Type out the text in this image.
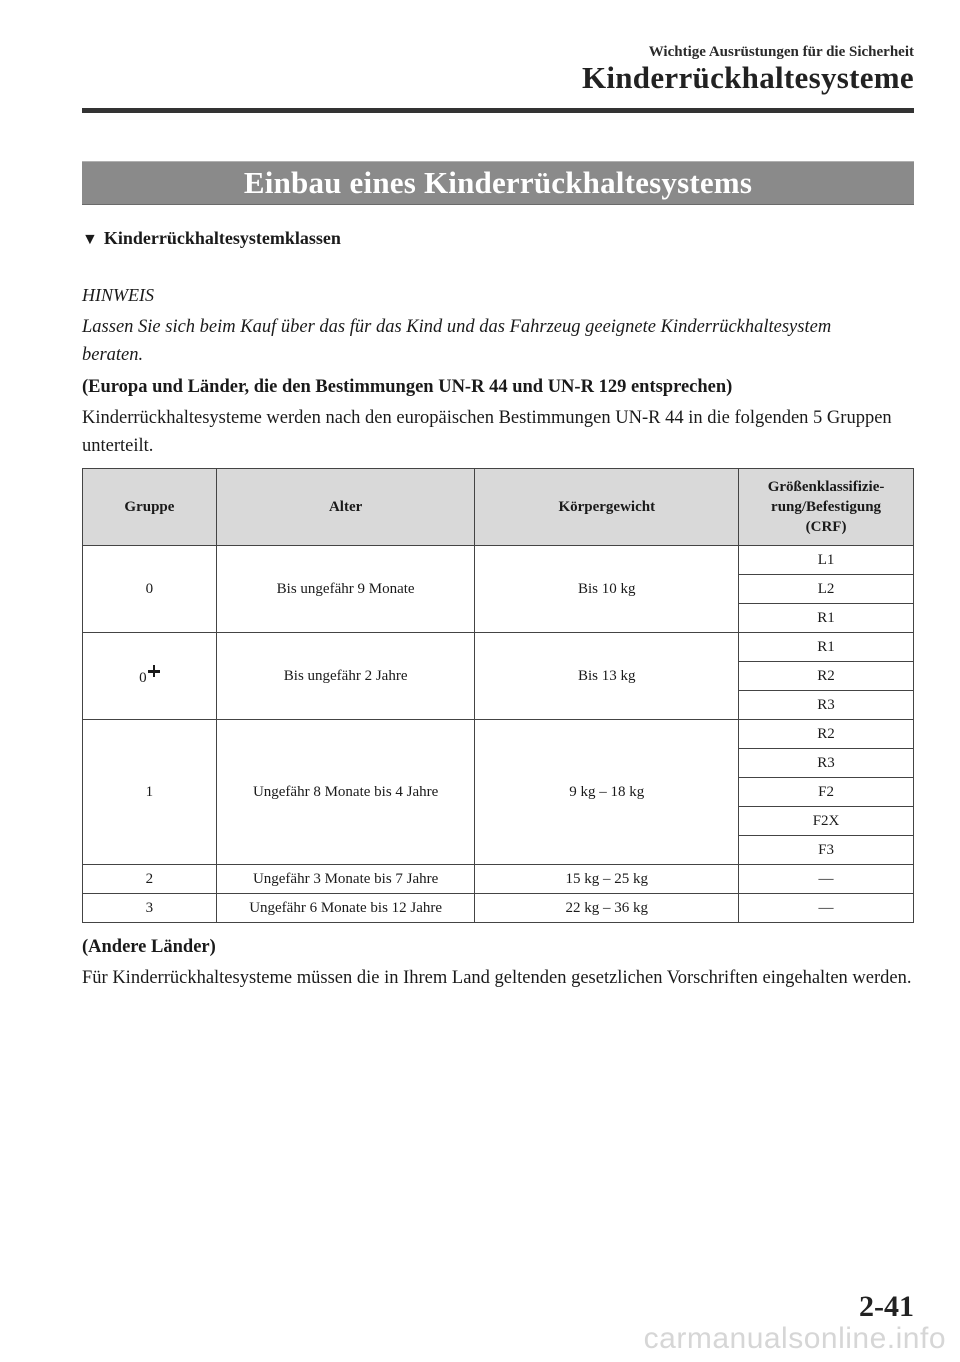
Wichtige Ausrüstungen für die Sicherheit
Kinderrückhaltesysteme
Einbau eines Kinderrückhaltesystems
▼ Kinderrückhaltesystemklassen
HINWEIS
Lassen Sie sich beim Kauf über das für das Kind und das Fahrzeug geeignete Kinderrückhaltesystem beraten.
(Europa und Länder, die den Bestimmungen UN-R 44 und UN-R 129 entsprechen)
Kinderrückhaltesysteme werden nach den europäischen Bestimmungen UN-R 44 in die folgenden 5 Gruppen unterteilt.
Gruppe	Alter	Körpergewicht	Größenklassifizie-
rung/Befestigung
(CRF)
0	Bis ungefähr 9 Monate	Bis 10 kg	L1
			L2
			R1
0	Bis ungefähr 2 Jahre	Bis 13 kg	R1
			R2
			R3
1	Ungefähr 8 Monate bis 4 Jahre	9 kg – 18 kg	R2
			R3
			F2
			F2X
			F3
2	Ungefähr 3 Monate bis 7 Jahre	15 kg – 25 kg	―
3	Ungefähr 6 Monate bis 12 Jahre	22 kg – 36 kg	―
(Andere Länder)
Für Kinderrückhaltesysteme müssen die in Ihrem Land geltenden gesetzlichen Vorschriften eingehalten werden.
2-41
carmanualsonline.info
